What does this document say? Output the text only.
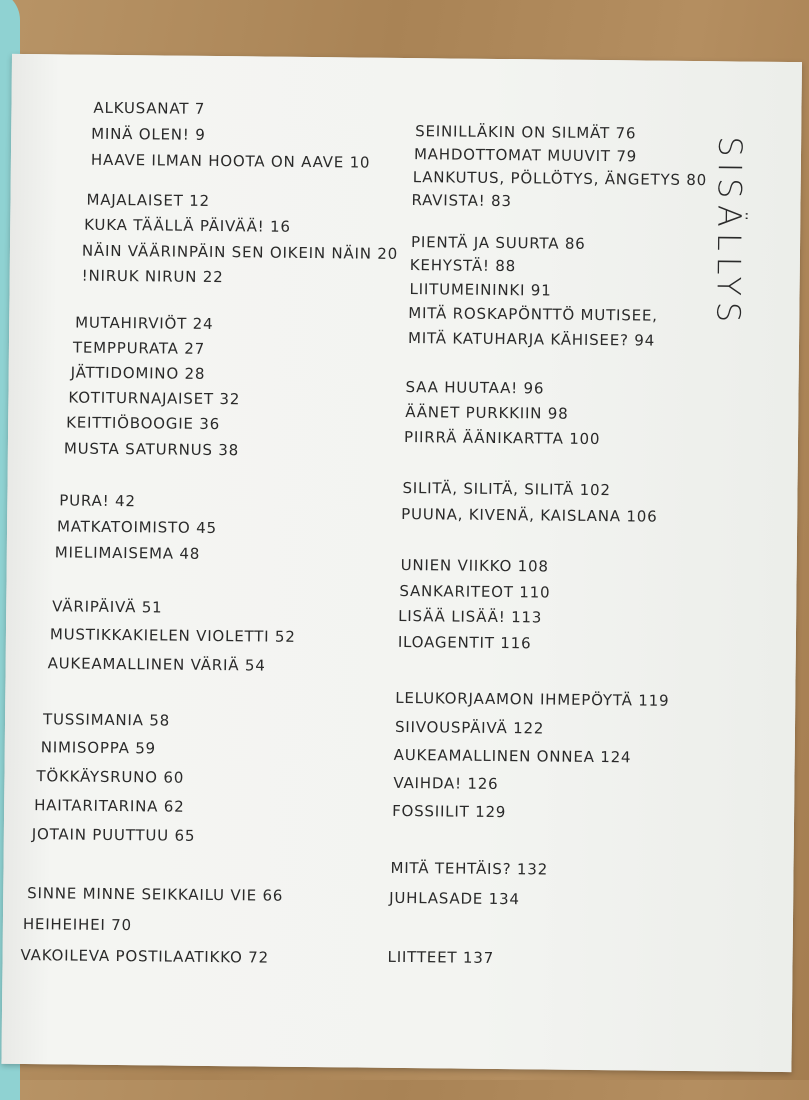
SISÄLLYS
ALKUSANAT 7
MINÄ OLEN! 9
HAAVE ILMAN HOOTA ON AAVE 10
MAJALAISET 12
KUKA TÄÄLLÄ PÄIVÄÄ! 16
NÄIN VÄÄRINPÄIN SEN OIKEIN NÄIN 20
!NIRUK NIRUN 22
MUTAHIRVIÖT 24
TEMPPURATA 27
JÄTTIDOMINO 28
KOTITURNAJAISET 32
KEITTIÖBOOGIE 36
MUSTA SATURNUS 38
PURA! 42
MATKATOIMISTO 45
MIELIMAISEMA 48
VÄRIPÄIVÄ 51
MUSTIKKAKIELEN VIOLETTI 52
AUKEAMALLINEN VÄRIÄ 54
TUSSIMANIA 58
NIMISOPPA 59
TÖKKÄYSRUNO 60
HAITARITARINA 62
JOTAIN PUUTTUU 65
SINNE MINNE SEIKKAILU VIE 66
HEIHEIHEI 70
VAKOILEVA POSTILAATIKKO 72
SEINILLÄKIN ON SILMÄT 76
MAHDOTTOMAT MUUVIT 79
LANKUTUS, PÖLLÖTYS, ÄNGETYS 80
RAVISTA! 83
PIENTÄ JA SUURTA 86
KEHYSTÄ! 88
LIITUMEININKI 91
MITÄ ROSKAPÖNTTÖ MUTISEE,
MITÄ KATUHARJA KÄHISEE? 94
SAA HUUTAA! 96
ÄÄNET PURKKIIN 98
PIIRRÄ ÄÄNIKARTTA 100
SILITÄ, SILITÄ, SILITÄ 102
PUUNA, KIVENÄ, KAISLANA 106
UNIEN VIIKKO 108
SANKARITEOT 110
LISÄÄ LISÄÄ! 113
ILOAGENTIT 116
LELUKORJAAMON IHMEPÖYTÄ 119
SIIVOUSPÄIVÄ 122
AUKEAMALLINEN ONNEA 124
VAIHDA! 126
FOSSIILIT 129
MITÄ TEHTÄIS? 132
JUHLASADE 134
LIITTEET 137
